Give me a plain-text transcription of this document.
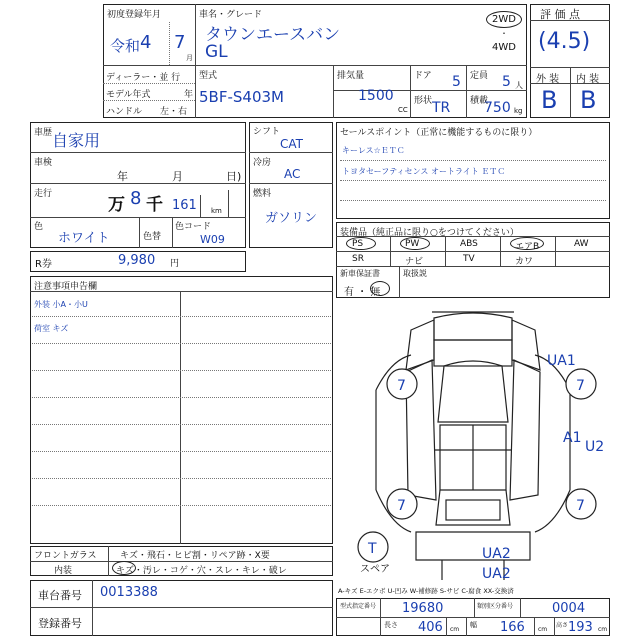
初度登録年月
令和 4 7
月
車名・グレード
タウンエースバン
GL
2WD
・
4WD
ディーラー・並 行
モデル年式	年
ハンドル 左・右
型式
5BF-S403M
排気量
1500
CC
ドア 5 定員 5 人
形状 TR 積載
750 kg
評 価 点
(4.5)
外 装 内 装
B B
車歴 自家用
車検
年	月	日)
走行
万 8 千 161 km
色
ホワイト	色替
色コード
W09
シフト
CAT
冷房
AC
燃料
ガソリン
R券	9,980 円
セールスポイント（正常に機能するものに限り）
キーレス☆ＥＴＣ
トヨタセーフティセンス オートライト ＥＴＣ
装備品（純正品に限り○をつけてください）
PS	PW	ABS	エアB	AW
SR	ナビ	TV	カワ
新車保証書
有 ・ 無
取扱説
注意事項申告欄
外装 小A・小U
荷室 キズ
7	7
7	7
T
スペア
UA1
A1
U2
UA2
UA2
フロントガラス	キズ・飛石・ヒビ割・リペア跡・X要
内装	キズ・汚レ・コゲ・穴・スレ・キレ・破レ
車台番号 0013388
登録番号
A-キズ E-エクボ U-凹み W-補修跡 S-サビ C-腐食 XX-交換済
型式指定番号 19680	類別区分番号	0004
長さ 406 cm
幅 166 cm
高さ 193 cm
